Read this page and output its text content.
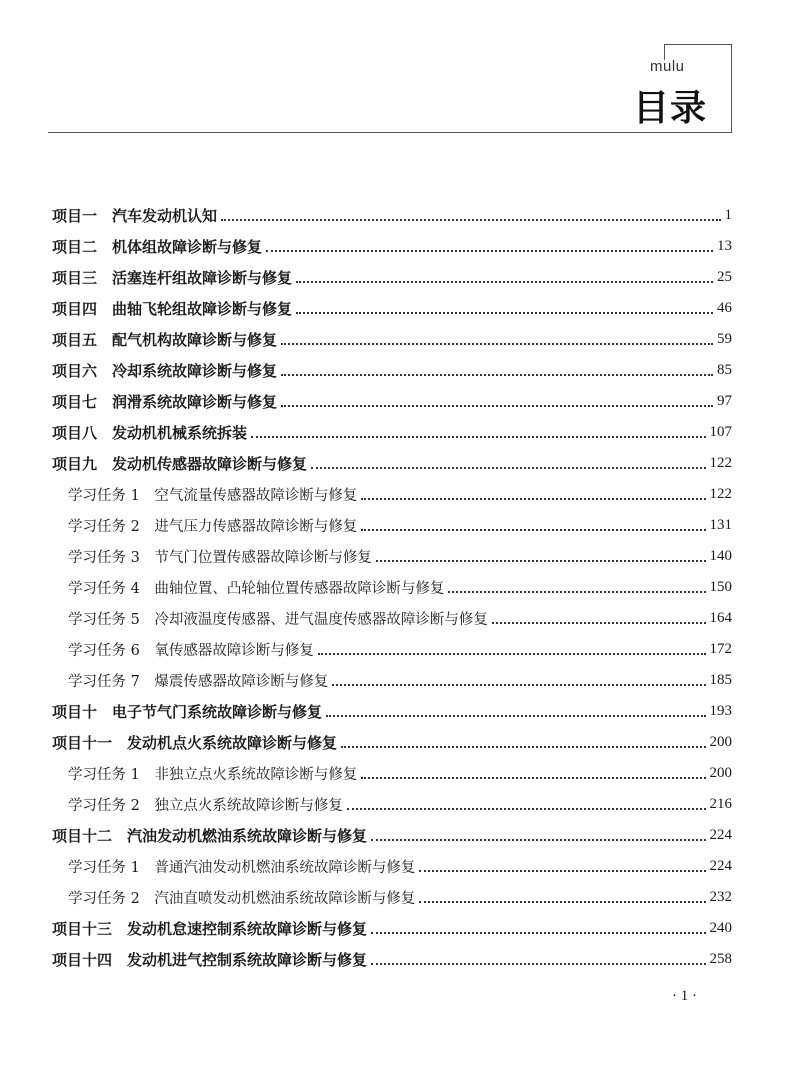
mulu
目录
项目一　汽车发动机认知	1
项目二　机体组故障诊断与修复	13
项目三　活塞连杆组故障诊断与修复	25
项目四　曲轴飞轮组故障诊断与修复	46
项目五　配气机构故障诊断与修复	59
项目六　冷却系统故障诊断与修复	85
项目七　润滑系统故障诊断与修复	97
项目八　发动机机械系统拆装	107
项目九　发动机传感器故障诊断与修复	122
学习任务 1　空气流量传感器故障诊断与修复	122
学习任务 2　进气压力传感器故障诊断与修复	131
学习任务 3　节气门位置传感器故障诊断与修复	140
学习任务 4　曲轴位置、凸轮轴位置传感器故障诊断与修复	150
学习任务 5　冷却液温度传感器、进气温度传感器故障诊断与修复	164
学习任务 6　氧传感器故障诊断与修复	172
学习任务 7　爆震传感器故障诊断与修复	185
项目十　电子节气门系统故障诊断与修复	193
项目十一　发动机点火系统故障诊断与修复	200
学习任务 1　非独立点火系统故障诊断与修复	200
学习任务 2　独立点火系统故障诊断与修复	216
项目十二　汽油发动机燃油系统故障诊断与修复	224
学习任务 1　普通汽油发动机燃油系统故障诊断与修复	224
学习任务 2　汽油直喷发动机燃油系统故障诊断与修复	232
项目十三　发动机怠速控制系统故障诊断与修复	240
项目十四　发动机进气控制系统故障诊断与修复	258
· 1 ·
